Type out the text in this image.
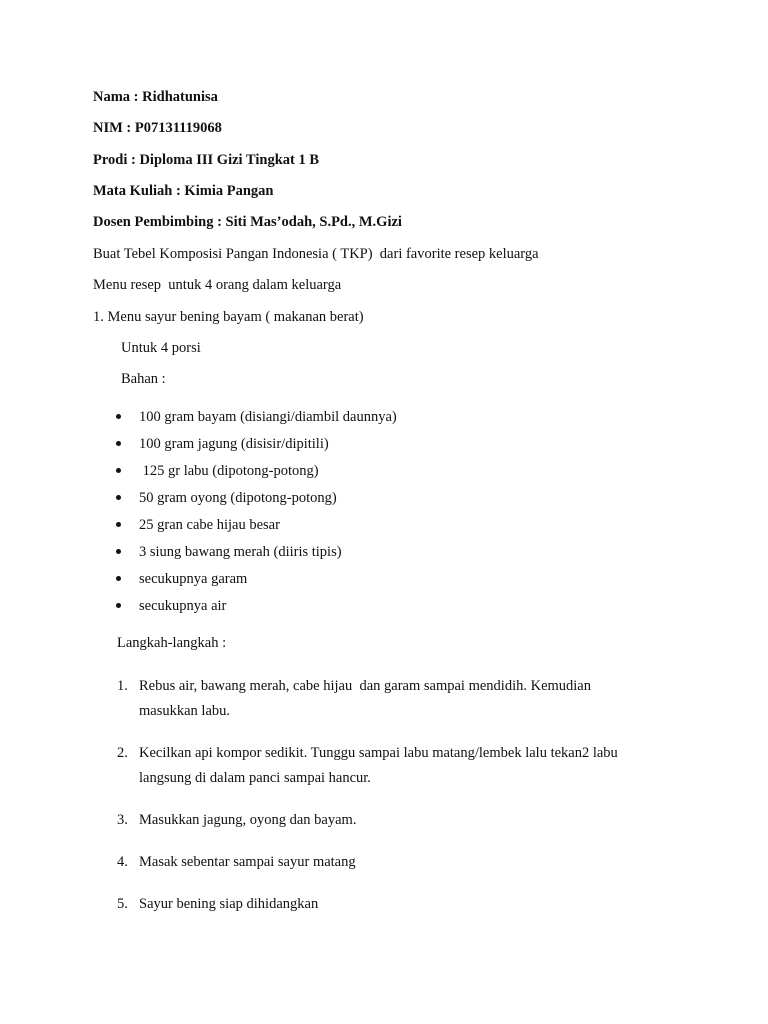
Nama : Ridhatunisa
NIM : P07131119068
Prodi : Diploma III Gizi Tingkat 1 B
Mata Kuliah : Kimia Pangan
Dosen Pembimbing : Siti Mas’odah, S.Pd., M.Gizi
Buat Tebel Komposisi Pangan Indonesia ( TKP)  dari favorite resep keluarga
Menu resep  untuk 4 orang dalam keluarga
1. Menu sayur bening bayam ( makanan berat)
Untuk 4 porsi
Bahan :
100 gram bayam (disiangi/diambil daunnya)
100 gram jagung (disisir/dipitili)
125 gr labu (dipotong-potong)
50 gram oyong (dipotong-potong)
25 gran cabe hijau besar
3 siung bawang merah (diiris tipis)
secukupnya garam
secukupnya air
Langkah-langkah :
1. Rebus air, bawang merah, cabe hijau  dan garam sampai mendidih. Kemudian
masukkan labu.
2. Kecilkan api kompor sedikit. Tunggu sampai labu matang/lembek lalu tekan2 labu
langsung di dalam panci sampai hancur.
3. Masukkan jagung, oyong dan bayam.
4. Masak sebentar sampai sayur matang
5. Sayur bening siap dihidangkan
